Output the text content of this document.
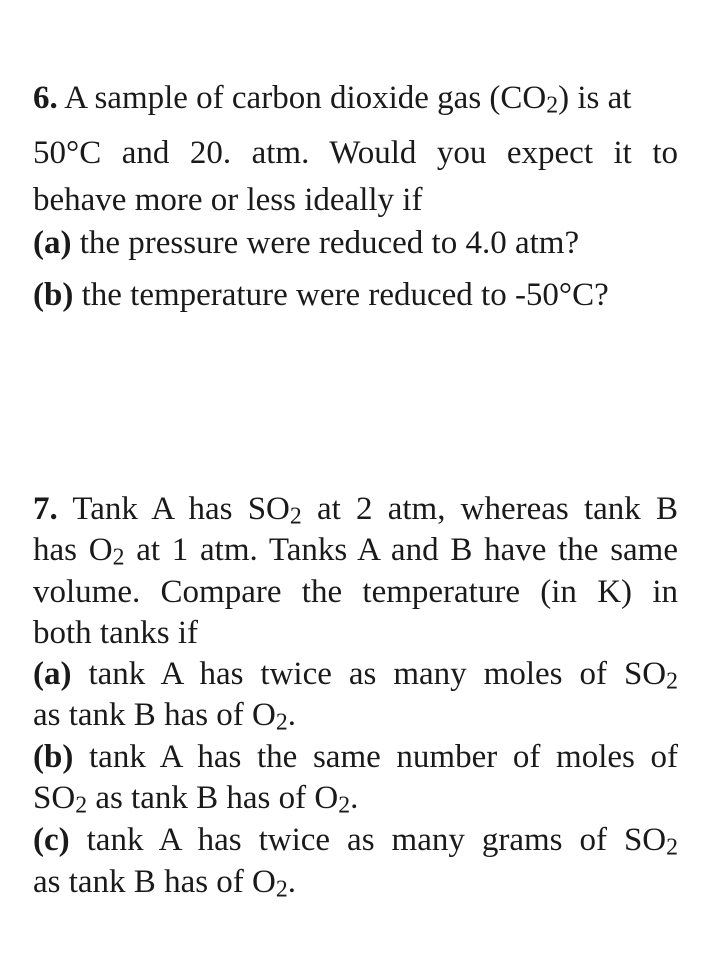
6. A sample of carbon dioxide gas $(CO_2)$ is at
50°C and 20. atm. Would you expect it to
behave more or less ideally if
(a) the pressure were reduced to 4.0 atm?
(b) the temperature were reduced to -50°C?
7. Tank A has $SO_2$ at 2 atm, whereas tank B
has $O_2$ at 1 atm. Tanks A and B have the same
volume. Compare the temperature (in K) in
both tanks if
(a) tank A has twice as many moles of $SO_2$
as tank B has of $O_2$.
(b) tank A has the same number of moles of
$SO_2$ as tank B has of $O_2$.
(c) tank A has twice as many grams of $SO_2$
as tank B has of $O_2$.
